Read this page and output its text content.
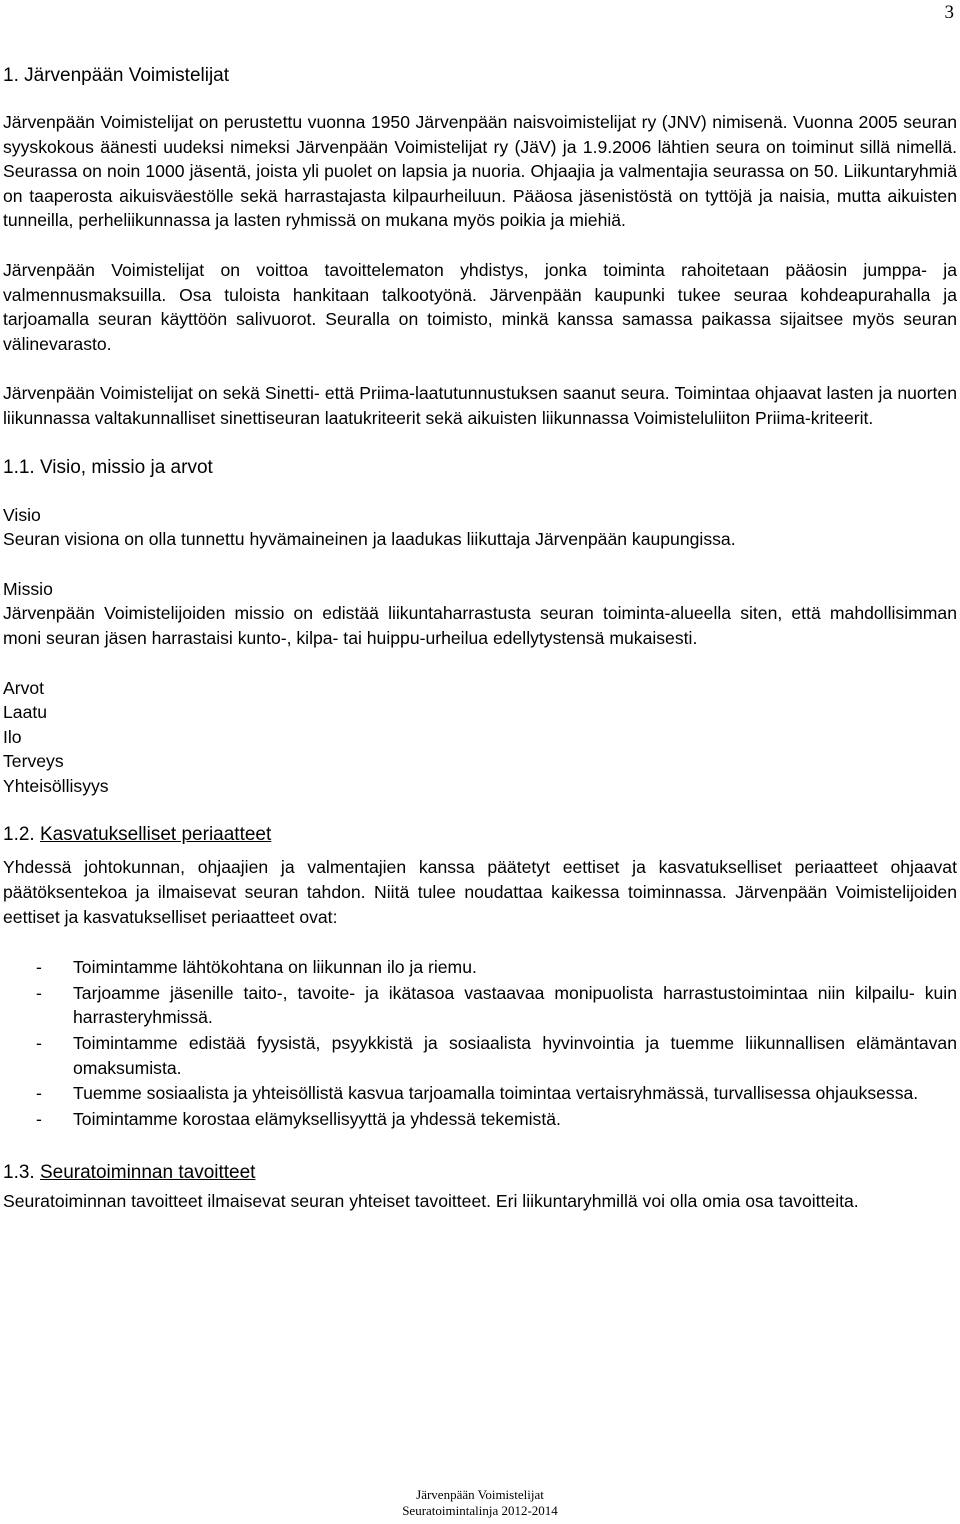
3

1. Järvenpään Voimistelijat

Järvenpään Voimistelijat on perustettu vuonna 1950 Järvenpään naisvoimistelijat ry (JNV) nimisenä. Vuonna 2005 seuran syyskokous äänesti uudeksi nimeksi Järvenpään Voimistelijat ry (JäV) ja 1.9.2006 lähtien seura on toiminut sillä nimellä. Seurassa on noin 1000 jäsentä, joista yli puolet on lapsia ja nuoria. Ohjaajia ja valmentajia seurassa on 50. Liikuntaryhmiä on taaperosta aikuisväestölle sekä harrastajasta kilpaurheiluun. Pääosa jäsenistöstä on tyttöjä ja naisia, mutta aikuisten tunneilla, perheliikunnassa ja lasten ryhmissä on mukana myös poikia ja miehiä.

Järvenpään Voimistelijat on voittoa tavoittelematon yhdistys, jonka toiminta rahoitetaan pääosin jumppa- ja valmennusmaksuilla. Osa tuloista hankitaan talkootyönä. Järvenpään kaupunki tukee seuraa kohdeapurahalla ja tarjoamalla seuran käyttöön salivuorot. Seuralla on toimisto, minkä kanssa samassa paikassa sijaitsee myös seuran välinevarasto.

Järvenpään Voimistelijat on sekä Sinetti- että Priima-laatutunnustuksen saanut seura. Toimintaa ohjaavat lasten ja nuorten liikunnassa valtakunnalliset sinettiseuran laatukriteerit sekä aikuisten liikunnassa Voimisteluliiton Priima-kriteerit.

1.1. Visio, missio ja arvot

Visio

Seuran visiona on olla tunnettu hyvämaineinen ja laadukas liikuttaja Järvenpään kaupungissa.

Missio

Järvenpään Voimistelijoiden missio on edistää liikuntaharrastusta seuran toiminta-alueella siten, että mahdollisimman moni seuran jäsen harrastaisi kunto-, kilpa- tai huippu-urheilua edellytystensä mukaisesti.

Arvot

Laatu

Ilo

Terveys

Yhteisöllisyys

1.2. Kasvatukselliset periaatteet

Yhdessä johtokunnan, ohjaajien ja valmentajien kanssa päätetyt eettiset ja kasvatukselliset periaatteet ohjaavat päätöksentekoa ja ilmaisevat seuran tahdon. Niitä tulee noudattaa kaikessa toiminnassa. Järvenpään Voimistelijoiden eettiset ja kasvatukselliset periaatteet ovat:

- Toimintamme lähtökohtana on liikunnan ilo ja riemu.
- Tarjoamme jäsenille taito-, tavoite- ja ikätasoa vastaavaa monipuolista harrastustoimintaa niin kilpailu- kuin harrasteryhmissä.
- Toimintamme edistää fyysistä, psyykkistä ja sosiaalista hyvinvointia ja tuemme liikunnallisen elämäntavan omaksumista.
- Tuemme sosiaalista ja yhteisöllistä kasvua tarjoamalla toimintaa vertaisryhmässä, turvallisessa ohjauksessa.
- Toimintamme korostaa elämyksellisyyttä ja yhdessä tekemistä.

1.3. Seuratoiminnan tavoitteet

Seuratoiminnan tavoitteet ilmaisevat seuran yhteiset tavoitteet. Eri liikuntaryhmillä voi olla omia osa tavoitteita.

Järvenpään Voimistelijat
Seuratoimintalinja 2012-2014
